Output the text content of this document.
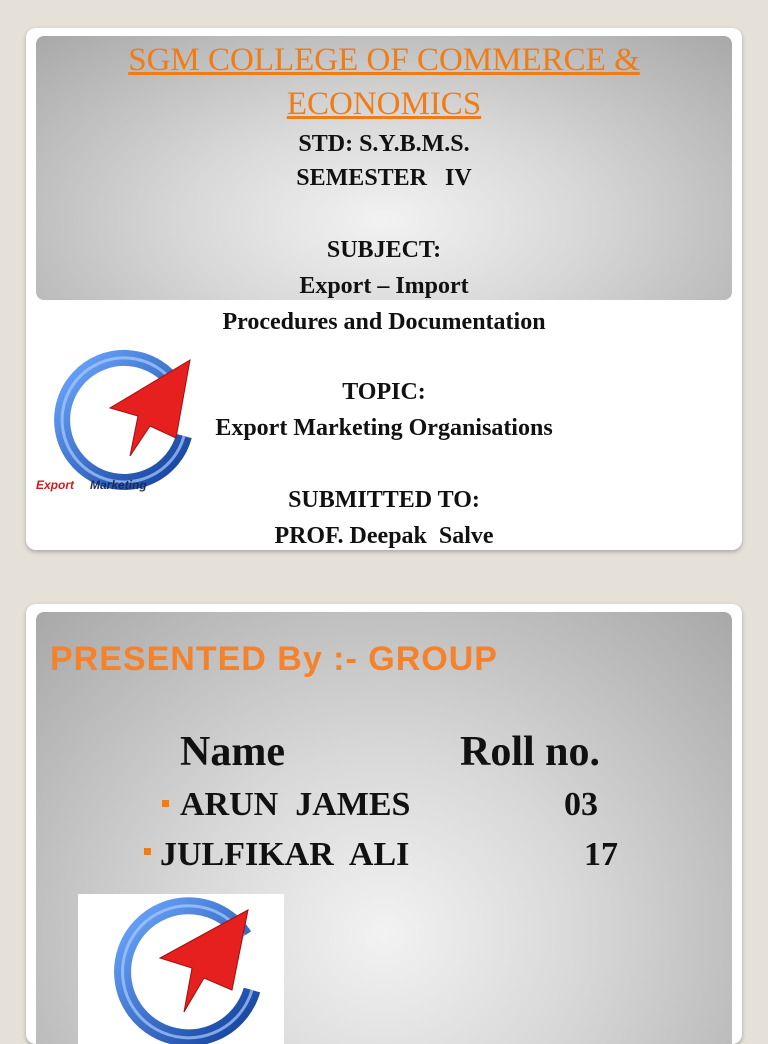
SGM COLLEGE OF COMMERCE &
ECONOMICS
STD: S.Y.B.M.S.
SEMESTER   IV
SUBJECT:
Export – Import
Procedures and Documentation
TOPIC:
Export Marketing Organisations
SUBMITTED TO:
PROF. Deepak  Salve
Export Marketing
PRESENTED By :- GROUP
Name	Roll no.
ARUN  JAMES	03
JULFIKAR  ALI	17
